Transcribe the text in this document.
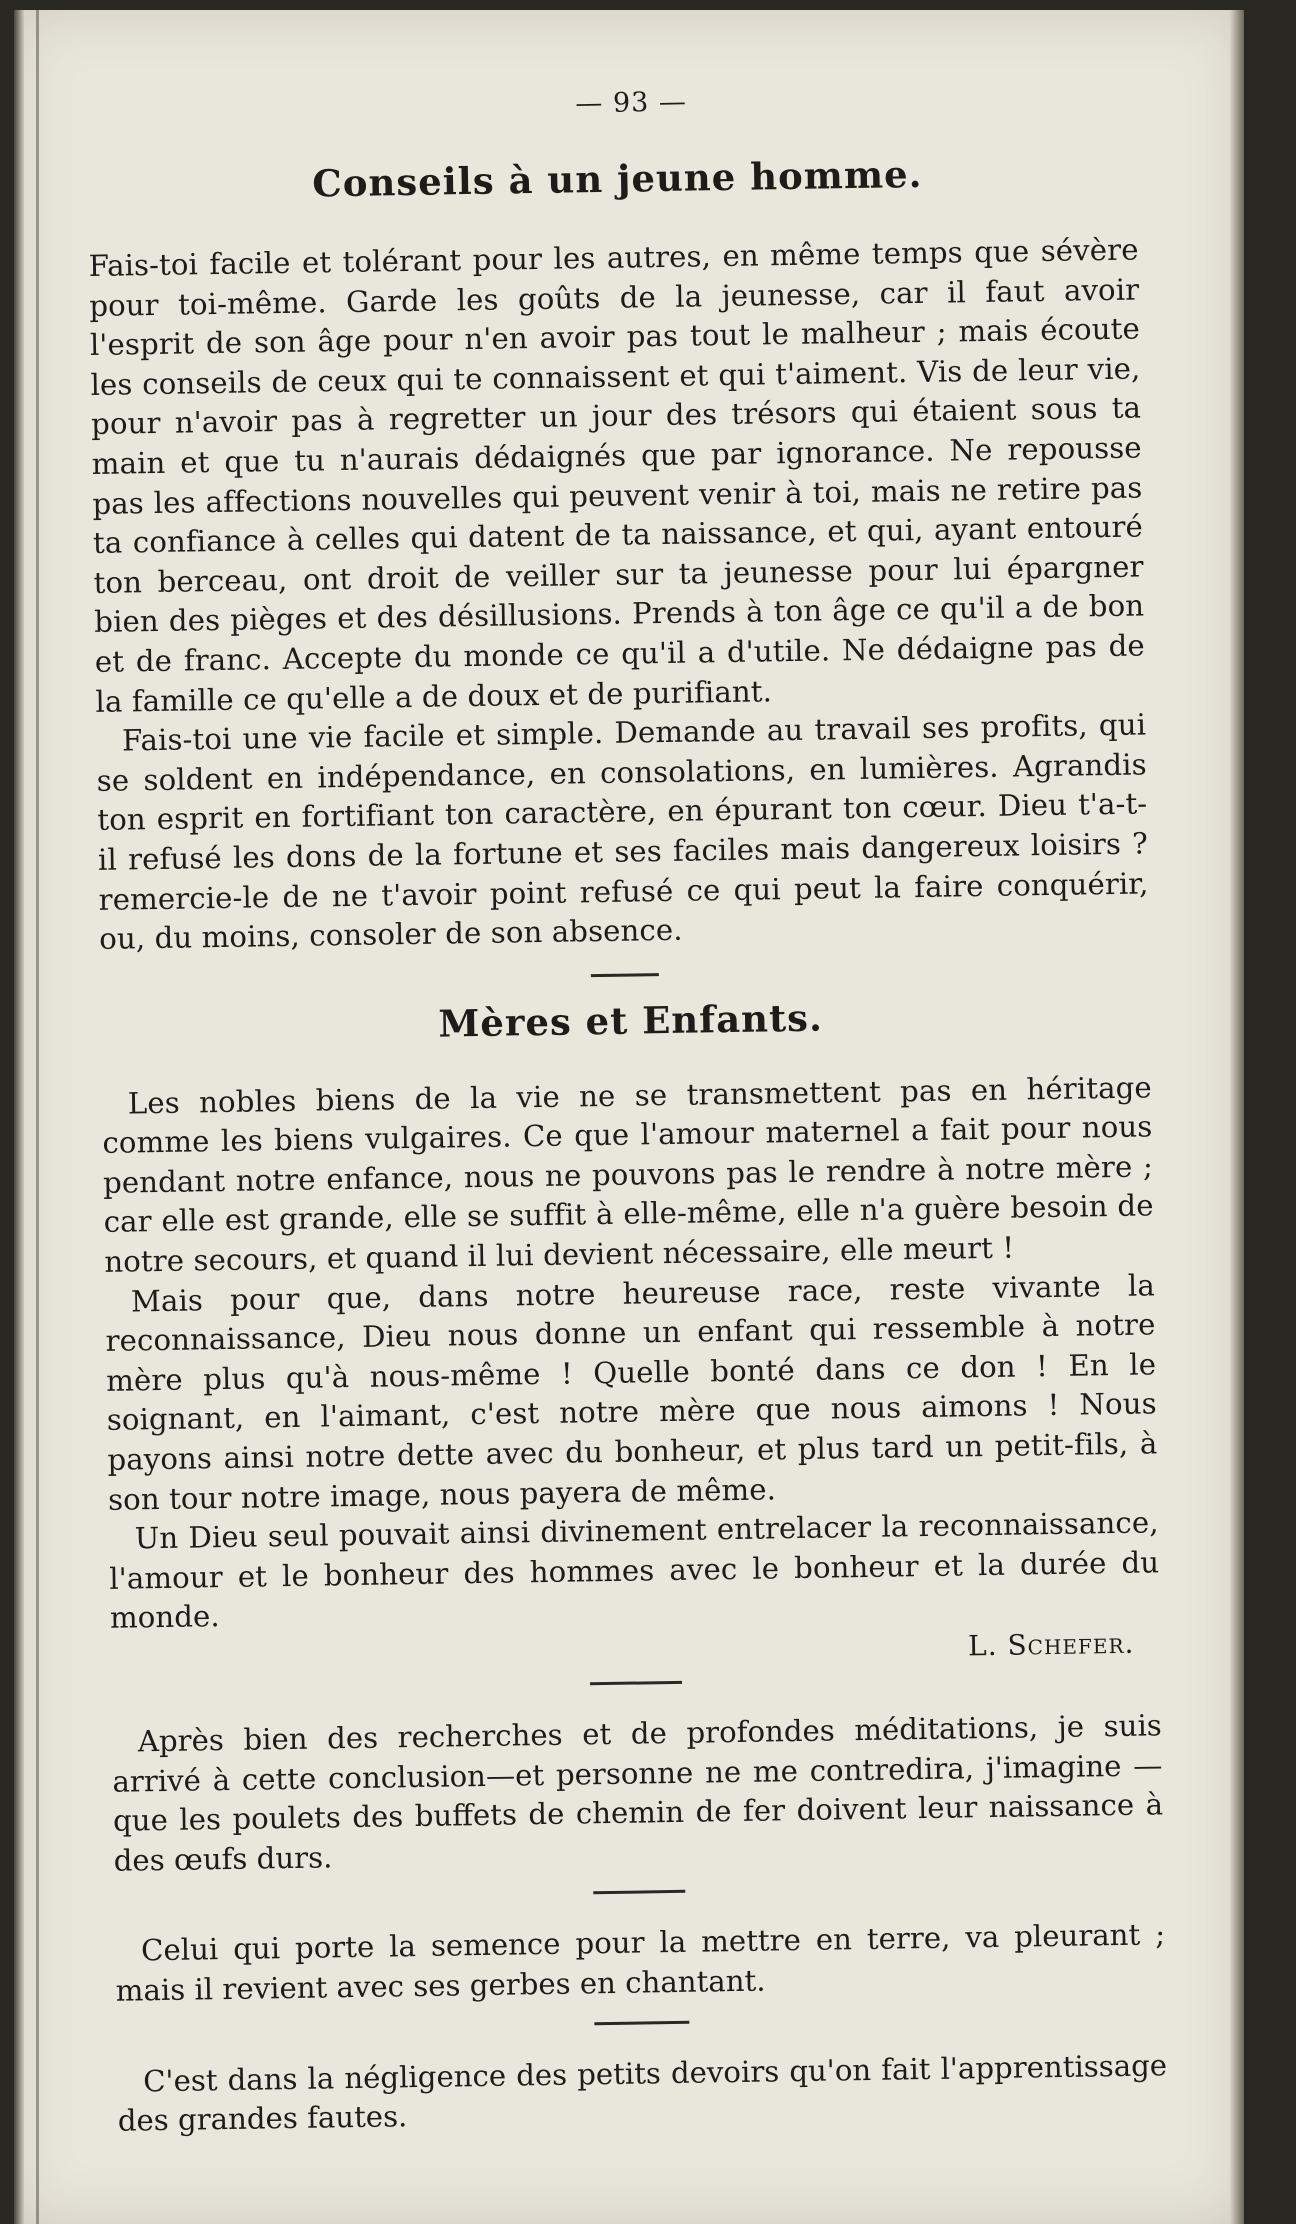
— 93 —
Conseils à un jeune homme.

Fais-toi facile et tolérant pour les autres, en même temps que sévère pour toi-même. Garde les goûts de la jeunesse, car il faut avoir l'esprit de son âge pour n'en avoir pas tout le malheur ; mais écoute les conseils de ceux qui te connaissent et qui t'aiment. Vis de leur vie, pour n'avoir pas à regretter un jour des trésors qui étaient sous ta main et que tu n'aurais dédaignés que par ignorance. Ne repousse pas les affections nouvelles qui peuvent venir à toi, mais ne retire pas ta confiance à celles qui datent de ta naissance, et qui, ayant entouré ton berceau, ont droit de veiller sur ta jeunesse pour lui épargner bien des pièges et des désillusions. Prends à ton âge ce qu'il a de bon et de franc. Accepte du monde ce qu'il a d'utile. Ne dédaigne pas de la famille ce qu'elle a de doux et de purifiant.

Fais-toi une vie facile et simple. Demande au travail ses profits, qui se soldent en indépendance, en consolations, en lumières. Agrandis ton esprit en fortifiant ton caractère, en épurant ton cœur. Dieu t'a-t-il refusé les dons de la fortune et ses faciles mais dangereux loisirs ? remercie-le de ne t'avoir point refusé ce qui peut la faire conquérir, ou, du moins, consoler de son absence.

Mères et Enfants.

Les nobles biens de la vie ne se transmettent pas en héritage comme les biens vulgaires. Ce que l'amour maternel a fait pour nous pendant notre enfance, nous ne pouvons pas le rendre à notre mère ; car elle est grande, elle se suffit à elle-même, elle n'a guère besoin de notre secours, et quand il lui devient nécessaire, elle meurt !

Mais pour que, dans notre heureuse race, reste vivante la reconnaissance, Dieu nous donne un enfant qui ressemble à notre mère plus qu'à nous-même ! Quelle bonté dans ce don ! En le soignant, en l'aimant, c'est notre mère que nous aimons ! Nous payons ainsi notre dette avec du bonheur, et plus tard un petit-fils, à son tour notre image, nous payera de même.

Un Dieu seul pouvait ainsi divinement entrelacer la reconnaissance, l'amour et le bonheur des hommes avec le bonheur et la durée du monde.

L. Schefer.

Après bien des recherches et de profondes méditations, je suis arrivé à cette conclusion—et personne ne me contredira, j'imagine —que les poulets des buffets de chemin de fer doivent leur naissance à des œufs durs.

Celui qui porte la semence pour la mettre en terre, va pleurant ; mais il revient avec ses gerbes en chantant.

C'est dans la négligence des petits devoirs qu'on fait l'apprentissage des grandes fautes.
